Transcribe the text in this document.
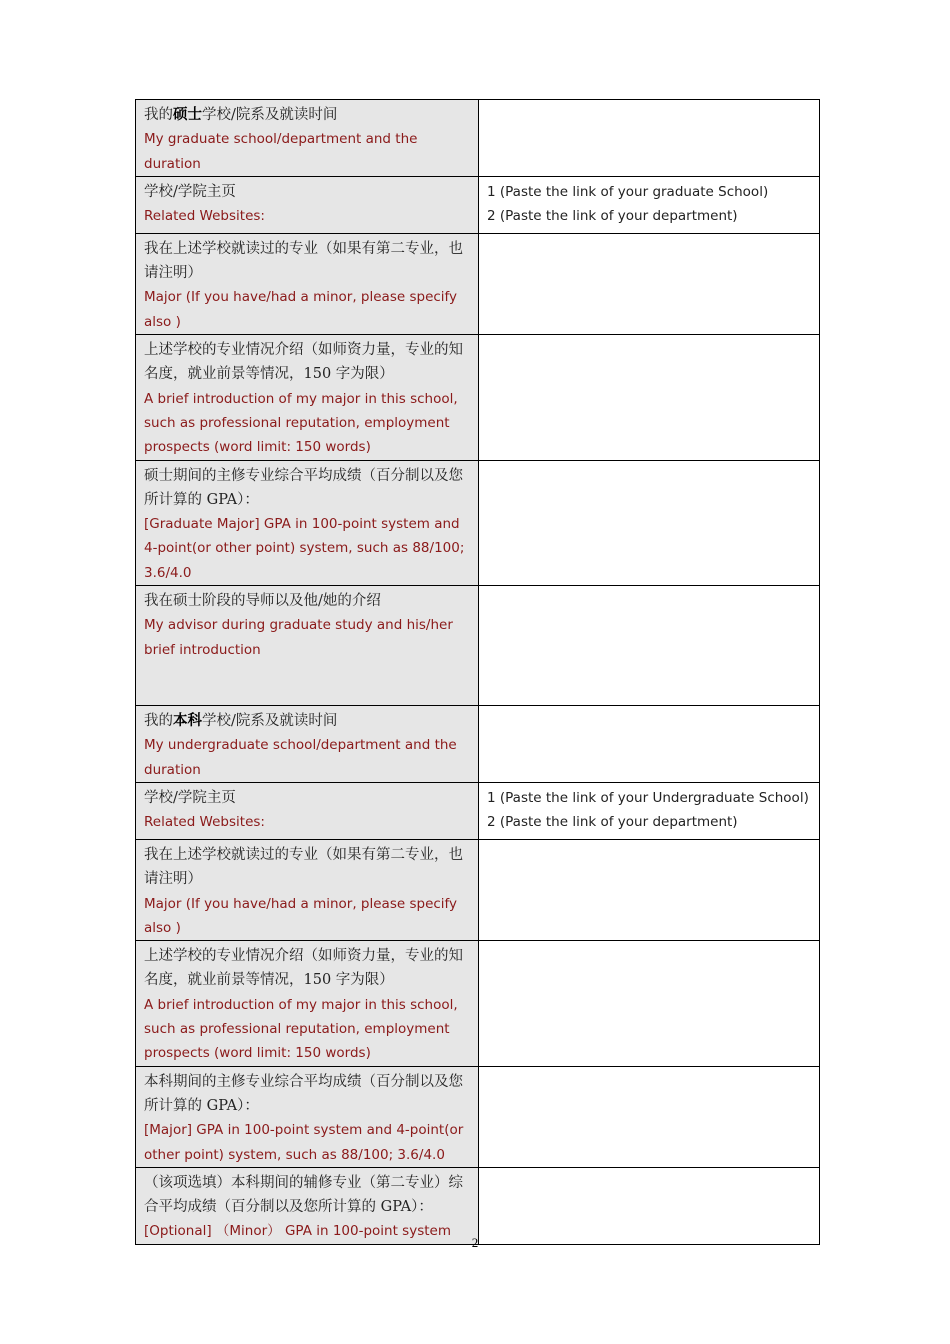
我的硕士学校/院系及就读时间
My graduate school/department and the duration	

学校/学院主页
Related Websites:	1 (Paste the link of your graduate School)
2 (Paste the link of your department)

我在上述学校就读过的专业（如果有第二专业，也请注明）
Major (If you have/had a minor, please specify also )	

上述学校的专业情况介绍（如师资力量，专业的知名度，就业前景等情况，150 字为限）
A brief introduction of my major in this school, such as professional reputation, employment prospects (word limit: 150 words)	

硕士期间的主修专业综合平均成绩（百分制以及您所计算的 GPA）：
[Graduate Major] GPA in 100-point system and 4-point(or other point) system, such as 88/100; 3.6/4.0	

我在硕士阶段的导师以及他/她的介绍
My advisor during graduate study and his/her brief introduction	

我的本科学校/院系及就读时间
My undergraduate school/department and the duration	

学校/学院主页
Related Websites:	1 (Paste the link of your Undergraduate School)
2 (Paste the link of your department)

我在上述学校就读过的专业（如果有第二专业，也请注明）
Major (If you have/had a minor, please specify also )	

上述学校的专业情况介绍（如师资力量，专业的知名度，就业前景等情况，150 字为限）
A brief introduction of my major in this school, such as professional reputation, employment prospects (word limit: 150 words)	

本科期间的主修专业综合平均成绩（百分制以及您所计算的 GPA）：
[Major] GPA in 100-point system and 4-point(or other point) system, such as 88/100; 3.6/4.0	

（该项选填）本科期间的辅修专业（第二专业）综合平均成绩（百分制以及您所计算的 GPA）：
[Optional] （Minor） GPA in 100-point system	

2
